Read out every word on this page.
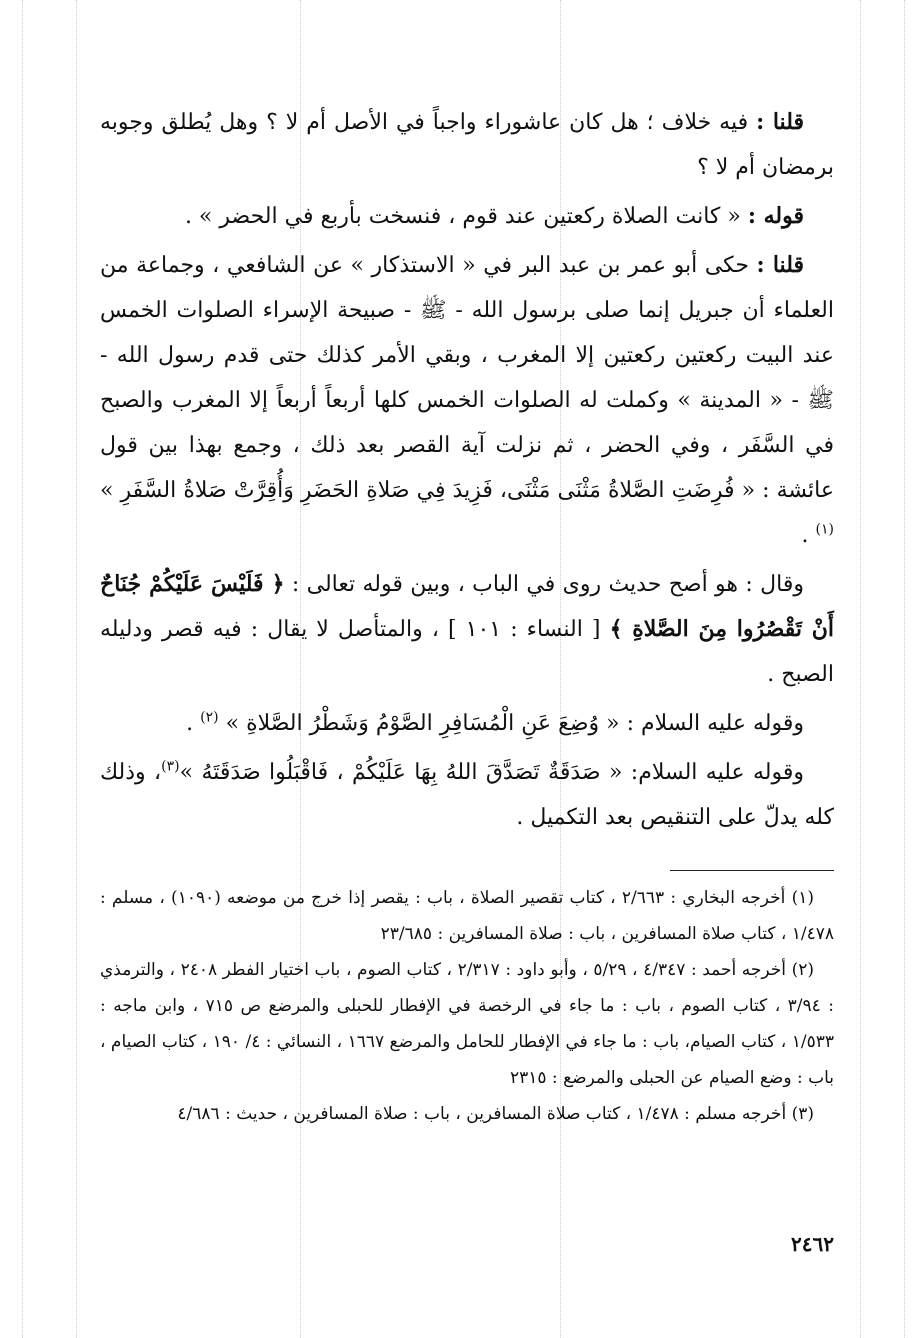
قلنا : فيه خلاف ؛ هل كان عاشوراء واجباً في الأصل أم لا ؟ وهل يُطلق وجوبه برمضان أم لا ؟

قوله : « كانت الصلاة ركعتين عند قوم ، فنسخت بأربع في الحضر » .

قلنا : حكى أبو عمر بن عبد البر في « الاستذكار » عن الشافعي ، وجماعة من العلماء أن جبريل إنما صلى برسول الله - ﷺ - صبيحة الإسراء الصلوات الخمس عند البيت ركعتين ركعتين إلا المغرب ، وبقي الأمر كذلك حتى قدم رسول الله - ﷺ - « المدينة » وكملت له الصلوات الخمس كلها أربعاً أربعاً إلا المغرب والصبح في السَّفَر ، وفي الحضر ، ثم نزلت آية القصر بعد ذلك ، وجمع بهذا بين قول عائشة : « فُرِضَتِ الصَّلاةُ مَثْنَى مَثْنَى، فَزِيدَ فِي صَلاةِ الحَضَرِ وَأُقِرَّتْ صَلاةُ السَّفَرِ » $^{(١)}$ .

وقال : هو أصح حديث روى في الباب ، وبين قوله تعالى : ﴿ فَلَيْسَ عَلَيْكُمْ جُنَاحٌ أَنْ تَقْصُرُوا مِنَ الصَّلاةِ ﴾ [ النساء : ١٠١ ] ، والمتأصل لا يقال : فيه قصر ودليله الصبح .

وقوله عليه السلام : « وُضِعَ عَنِ الْمُسَافِرِ الصَّوْمُ وَشَطْرُ الصَّلاةِ » $^{(٢)}$ .

وقوله عليه السلام: « صَدَقَةٌ تَصَدَّقَ اللهُ بِهَا عَلَيْكُمْ ، فَاقْبَلُوا صَدَقَتَهُ »$^{(٣)}$، وذلك كله يدلّ على التنقيص بعد التكميل .

(١) أخرجه البخاري : ٢/٦٦٣ ، كتاب تقصير الصلاة ، باب : يقصر إذا خرج من موضعه (١٠٩٠) ، مسلم : ١/٤٧٨ ، كتاب صلاة المسافرين ، باب : صلاة المسافرين : ٢٣/٦٨٥

(٢) أخرجه أحمد : ٤/٣٤٧ ، ٥/٢٩ ، وأبو داود : ٢/٣١٧ ، كتاب الصوم ، باب اختيار الفطر ٢٤٠٨ ، والترمذي : ٣/٩٤ ، كتاب الصوم ، باب : ما جاء في الرخصة في الإفطار للحبلى والمرضع ص ٧١٥ ، وابن ماجه : ١/٥٣٣ ، كتاب الصيام، باب : ما جاء في الإفطار للحامل والمرضع ١٦٦٧ ، النسائي : ٤/ ١٩٠ ، كتاب الصيام ، باب : وضع الصيام عن الحبلى والمرضع : ٢٣١٥

(٣) أخرجه مسلم : ١/٤٧٨ ، كتاب صلاة المسافرين ، باب : صلاة المسافرين ، حديث : ٤/٦٨٦

٢٤٦٢
